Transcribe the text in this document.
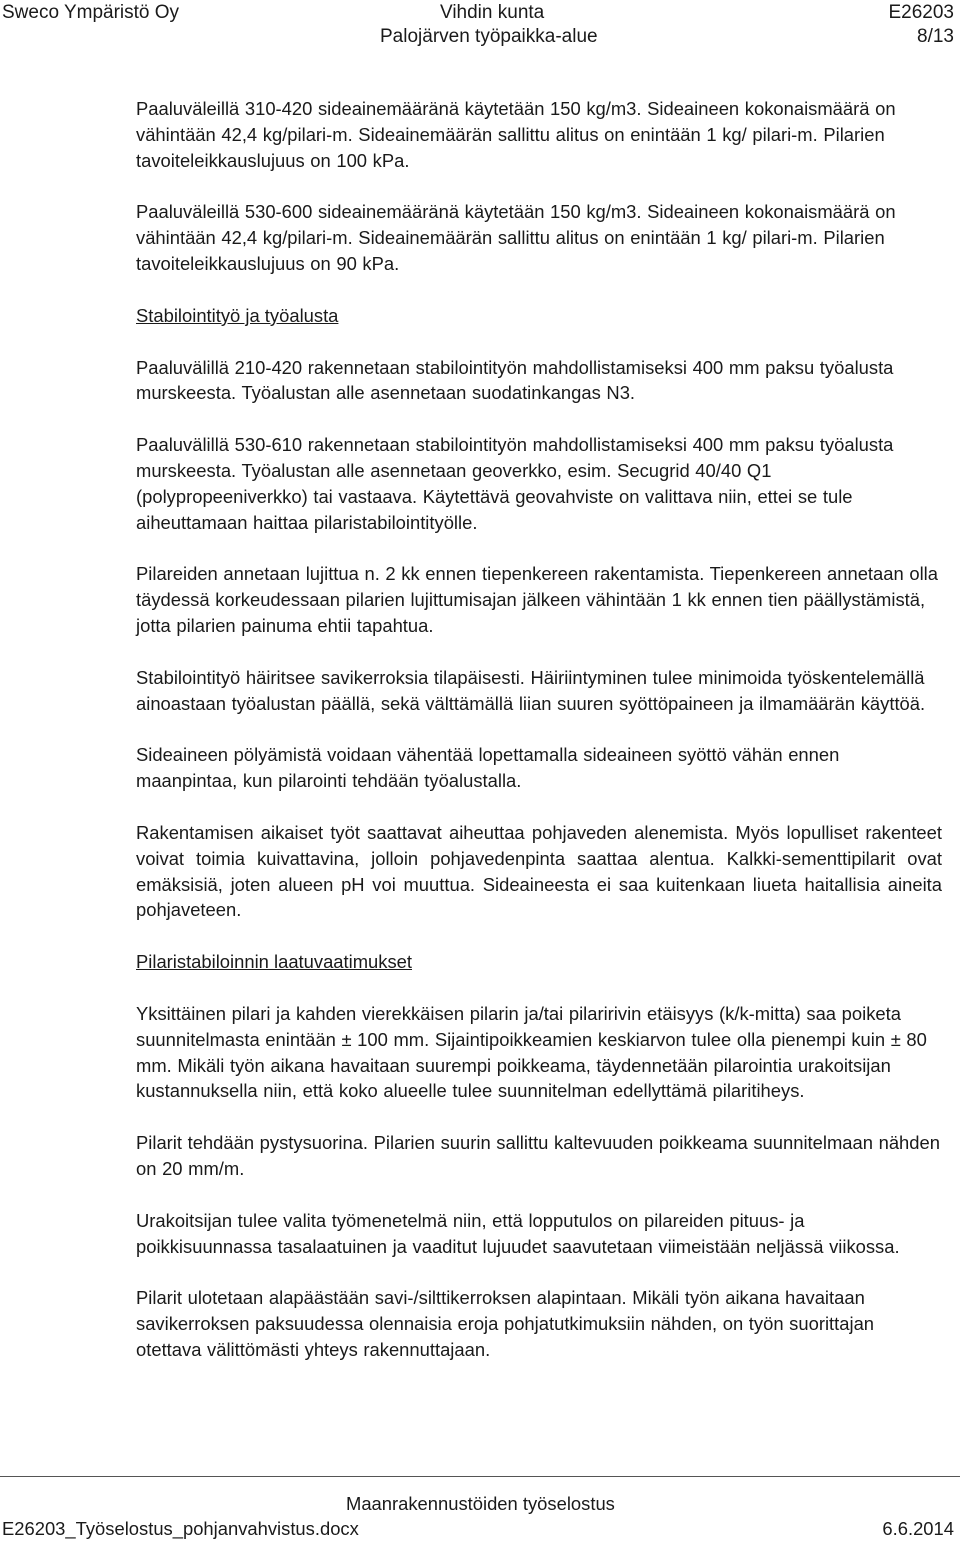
Sweco Ympäristö Oy	Vihdin kunta
Palojärven työpaikka-alue
E26203
8/13

Paaluväleillä 310-420 sideainemääränä käytetään 150 kg/m3. Sideaineen kokonaismäärä on vähintään 42,4 kg/pilari-m. Sideainemäärän sallittu alitus on enintään 1 kg/ pilari-m. Pilarien tavoiteleikkauslujuus on 100 kPa.

Paaluväleillä 530-600 sideainemääränä käytetään 150 kg/m3. Sideaineen kokonaismäärä on vähintään 42,4 kg/pilari-m. Sideainemäärän sallittu alitus on enintään 1 kg/ pilari-m. Pilarien tavoiteleikkauslujuus on 90 kPa.

Stabilointityö ja työalusta

Paaluvälillä 210-420 rakennetaan stabilointityön mahdollistamiseksi 400 mm paksu työalusta murskeesta. Työalustan alle asennetaan suodatinkangas N3.

Paaluvälillä 530-610 rakennetaan stabilointityön mahdollistamiseksi 400 mm paksu työalusta murskeesta. Työalustan alle asennetaan geoverkko, esim. Secugrid 40/40 Q1 (polypropeeniverkko) tai vastaava. Käytettävä geovahviste on valittava niin, ettei se tule aiheuttamaan haittaa pilaristabilointityölle.

Pilareiden annetaan lujittua n. 2 kk ennen tiepenkereen rakentamista. Tiepenkereen annetaan olla täydessä korkeudessaan pilarien lujittumisajan jälkeen vähintään 1 kk ennen tien päällystämistä, jotta pilarien painuma ehtii tapahtua.

Stabilointityö häiritsee savikerroksia tilapäisesti. Häiriintyminen tulee minimoida työskentelemällä ainoastaan työalustan päällä, sekä välttämällä liian suuren syöttöpaineen ja ilmamäärän käyttöä.

Sideaineen pölyämistä voidaan vähentää lopettamalla sideaineen syöttö vähän ennen maanpintaa, kun pilarointi tehdään työalustalla.

Rakentamisen aikaiset työt saattavat aiheuttaa pohjaveden alenemista. Myös lopulliset rakenteet voivat toimia kuivattavina, jolloin pohjavedenpinta saattaa alentua. Kalkki-sementtipilarit ovat emäksisiä, joten alueen pH voi muuttua. Sideaineesta ei saa kuitenkaan liueta haitallisia aineita pohjaveteen.

Pilaristabiloinnin laatuvaatimukset

Yksittäinen pilari ja kahden vierekkäisen pilarin ja/tai pilaririvin etäisyys (k/k-mitta) saa poiketa suunnitelmasta enintään ± 100 mm. Sijaintipoikkeamien keskiarvon tulee olla pienempi kuin ± 80 mm. Mikäli työn aikana havaitaan suurempi poikkeama, täydennetään pilarointia urakoitsijan kustannuksella niin, että koko alueelle tulee suunnitelman edellyttämä pilaritiheys.

Pilarit tehdään pystysuorina. Pilarien suurin sallittu kaltevuuden poikkeama suunnitelmaan nähden on 20 mm/m.

Urakoitsijan tulee valita työmenetelmä niin, että lopputulos on pilareiden pituus- ja poikkisuunnassa tasalaatuinen ja vaaditut lujuudet saavutetaan viimeistään neljässä viikossa.

Pilarit ulotetaan alapäästään savi-/silttikerroksen alapintaan. Mikäli työn aikana havaitaan savikerroksen paksuudessa olennaisia eroja pohjatutkimuksiin nähden, on työn suorittajan otettava välittömästi yhteys rakennuttajaan.

Maanrakennustöiden työselostus
E26203_Työselostus_pohjanvahvistus.docx	6.6.2014
